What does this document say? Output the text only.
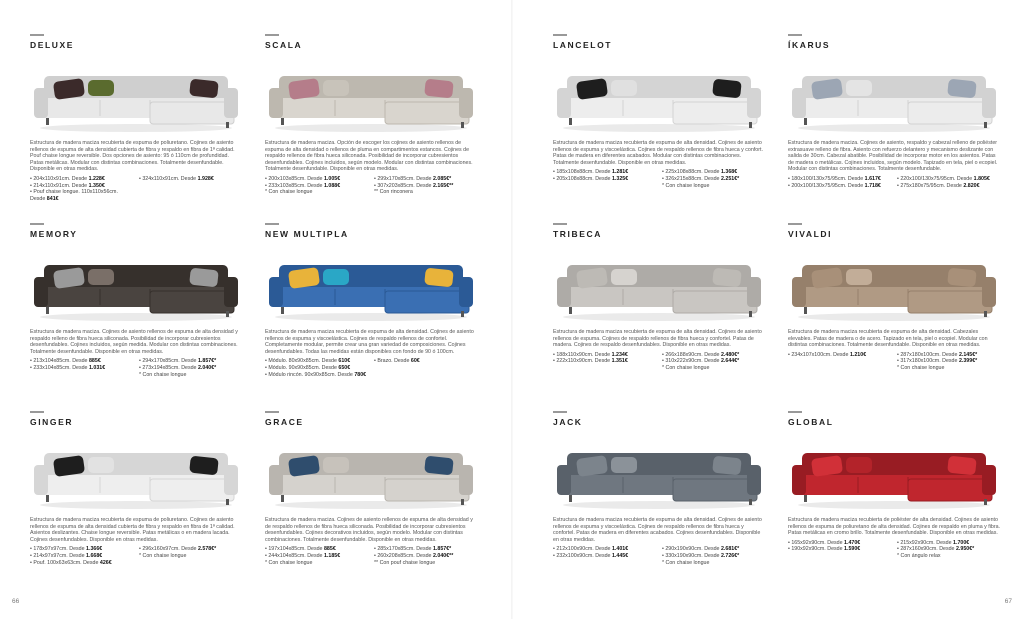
DELUXE
Estructura de madera maciza recubierta de espuma de poliuretano. Cojines de asiento rellenos de espuma de alta densidad cubierta de fibra y respaldo en fibra de 1ª calidad. Pouf chaise longue reversible. Dos opciones de asiento: 95 ó 110cm de profundidad. Patas metálicas. Modular con distintas combinaciones. Totalmente desenfundable. Disponible en otras medidas.
• 204x110x91cm. Desde 1.228€
• 214x110x91cm. Desde 1.350€
• Pouf chaise longue. 110x110x56cm. Desde 841€
• 324x110x91cm. Desde 1.928€
SCALA
Estructura de madera maciza. Opción de escoger los cojines de asiento rellenos de espuma de alta densidad o rellenos de pluma en compartimentos estancos. Cojines de respaldo rellenos de fibra hueca siliconada. Posibilidad de incorporar cubresientos desenfundables. Cojines incluidos, según modelo. Modular con distintas combinaciones. Totalmente desenfundable. Disponible en otras medidas.
• 200x103x85cm. Desde 1.005€
• 233x103x85cm. Desde 1.088€
* Con chaise longue
• 299x170x85cm. Desde 2.085€*
• 307x203x85cm. Desde 2.165€**
** Con rinconera
LANCELOT
Estructura de madera maciza recubierta de espuma de alta densidad. Cojines de asiento rellenos de espuma y viscoelástica. Cojines de respaldo rellenos de fibra hueca y confort. Patas de madera en diferentes acabados. Modular con distintas combinaciones. Totalmente desenfundable. Disponible en otras medidas.
• 185x108x88cm. Desde 1.281€
• 205x108x88cm. Desde 1.325€
• 225x108x88cm. Desde 1.368€
• 326x215x88cm. Desde 2.251€*
* Con chaise longue
ÍKARUS
Estructura de madera maciza. Cojines de asiento, respaldo y cabezal relleno de poliéster extrasuave relleno de fibra. Asiento con refuerzo delantero y mecanismo deslizante con salida de 30cm. Cabezal abatible. Posibilidad de incorporar motor en los asientos. Patas de madera o metálicas. Cojines incluidos, según modelo. Tapizado en tela, piel o ecopiel. Modular con distintas combinaciones. Totalmente desenfundable.
• 180x100/130x75/95cm. Desde 1.617€
• 200x100/130x75/95cm. Desde 1.718€
• 220x100/130x75/95cm. Desde 1.805€
• 275x180x75/95cm. Desde 2.820€
MEMORY
Estructura de madera maciza. Cojines de asiento rellenos de espuma de alta densidad y respaldo relleno de fibra hueca siliconada. Posibilidad de incorporar cubresientos desenfundables. Cojines incluidos, según medida. Modular con distintas combinaciones. Totalmente desenfundable. Disponible en otras medidas.
• 213x104x85cm. Desde 885€
• 233x104x85cm. Desde 1.031€
• 294x170x85cm. Desde 1.857€*
• 273x194x85cm. Desde 2.040€*
* Con chaise longue
NEW MULTIPLA
Estructura de madera maciza recubierta de espuma de alta densidad. Cojines de asiento rellenos de espuma y viscoelástica. Cojines de respaldo rellenos de confortel. Completamente modular, permite crear una gran variedad de composiciones. Cojines desenfundables. Todas las medidas están disponibles con fondo de 90 ó 100cm.
• Módulo. 80x90x85cm. Desde 610€
• Módulo. 90x90x85cm. Desde 650€
• Módulo rincón. 90x90x85cm. Desde 780€
• Brazo. Desde 60€
TRIBECA
Estructura de madera maciza recubierta de espuma de alta densidad. Cojines de asiento rellenos de espuma. Cojines de respaldo rellenos de fibra hueca y confortel. Patas de madera. Cojines de respaldo desenfundables. Disponible en otras medidas.
• 188x110x90cm. Desde 1.234€
• 222x110x90cm. Desde 1.351€
• 266x188x90cm. Desde 2.480€*
• 310x222x90cm. Desde 2.644€*
* Con chaise longue
VIVALDI
Estructura de madera maciza recubierta de espuma de alta densidad. Cabezales elevables. Patas de madera o de acero. Tapizado en tela, piel o ecopiel. Modular con distintas combinaciones. Totalmente desenfundable. Disponible en otras medidas.
• 234x107x100cm. Desde 1.210€	• 287x180x100cm. Desde 2.145€*
• 317x180x100cm. Desde 2.399€*
* Con chaise longue
GINGER
Estructura de madera maciza recubierta de espuma de poliuretano. Cojines de asiento rellenos de espuma de alta densidad cubierta de fibra y respaldo en fibra de 1ª calidad. Asientos deslizantes. Chaise longue reversible. Patas metálicas o en madera lacada. Cojines desenfundables. Disponible en otras medidas.
• 178x97x97cm. Desde 1.366€
• 214x97x97cm. Desde 1.668€
• Pouf. 100x63x63cm. Desde 426€
• 296x160x97cm. Desde 2.578€*
* Con chaise longue
GRACE
Estructura de madera maciza. Cojines de asiento rellenos de espuma de alta densidad y de respaldo rellenos de fibra hueca siliconada. Posibilidad de incorporar cubresientos desenfundables. Cojines decorativos incluidos, según modelo. Modular con distintas combinaciones. Totalmente desenfundable. Disponible en otras medidas.
• 197x104x85cm. Desde 885€
• 244x104x85cm. Desde 1.185€
* Con chaise longue
• 285x170x85cm. Desde 1.857€*
• 260x208x85cm. Desde 2.040€**
** Con pouf chaise longue
JACK
Estructura de madera maciza recubierta de espuma de alta densidad. Cojines de asiento rellenos de espuma y viscoelástica. Cojines de respaldo rellenos de fibra hueca y confortel. Patas de madera en diferentes acabados. Cojines desenfundables. Disponible en otras medidas.
• 212x100x90cm. Desde 1.401€
• 232x100x90cm. Desde 1.445€
• 290x190x90cm. Desde 2.681€*
• 330x190x90cm. Desde 2.726€*
* Con chaise longue
GLOBAL
Estructura de madera maciza recubierta de poliéster de alta densidad. Cojines de asiento rellenos de espuma de poliuretano de alta densidad. Cojines de respaldo en pluma y fibra. Patas metálicas en cromo brillo. Totalmente desenfundable. Disponible en otras medidas.
• 165x92x90cm. Desde 1.470€
• 190x92x90cm. Desde 1.590€
• 215x92x90cm. Desde 1.700€
• 287x160x90cm. Desde 2.950€*
* Con ángulo relax
66	67
